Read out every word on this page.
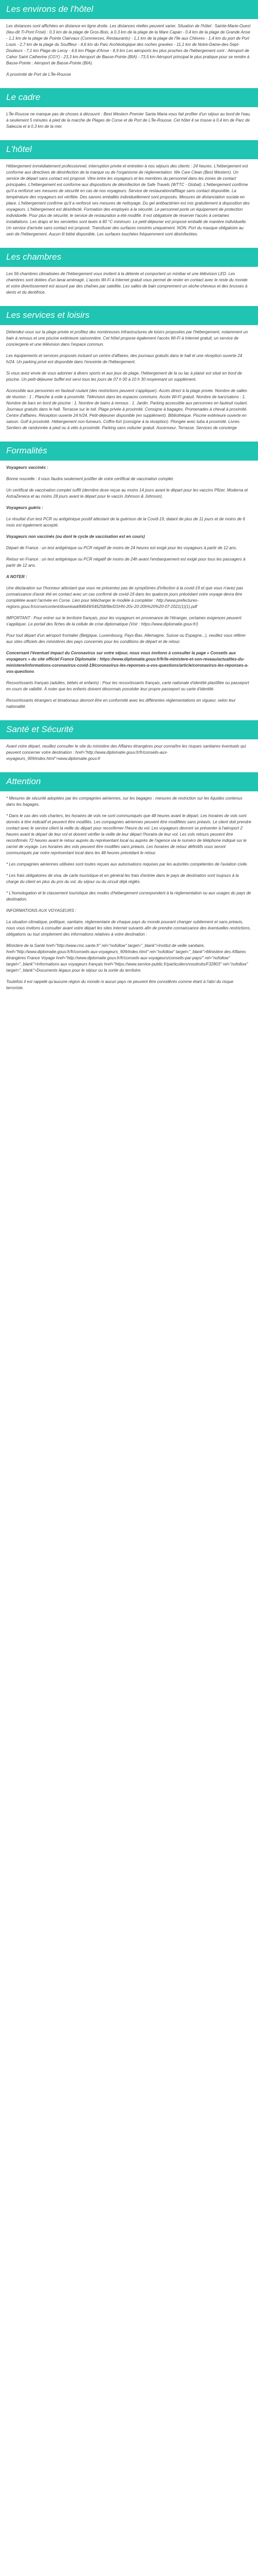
Les environs de l'hôtel

Les distances sont affichées en distance en ligne droite. Les distances réelles peuvent varier. Situation de l'hôtel : Sainte-Marie-Ouest (lieu-dit Ti-Pont Frisé) : 0,3 km de la plage de Gros-Bois, à 0,3 km de la plage de la Mare Capan - 0,4 km de la plage de Grande Anse - 1,1 km de la plage de Pointe Clairvaux (Commerces, Restaurants) - 1,1 km de la plage de l'île aux Chèvres - 1,4 km du port de Port Louis - 2,7 km de la plage du Souffleur - 4,6 km du Parc Archéologique des roches gravées - 11,1 km de Notre-Dame-des-Sept-Douleurs - 7,1 km Plage de Leroy - 4,6 km Plage d'Anse - 8,9 km Les aéroports les plus proches de l'hébergement sont : Aéroport de Cahor Saint Catherine (CGY) - 23,3 km Aéroport de Basse-Pointe (BIA) - 73,5 km Aéroport principal le plus pratique pour se rendre à Basse-Pointe : Aéroport de Basse-Pointe (BIA).

À proximité de Port de L'Île-Rousse

Le cadre

L'Île-Rousse ne manque pas de choses à découvrir : Best Western Premier Santa Maria vous fait profiter d'un séjour au bord de l'eau, à seulement 5 minutes à pied de la marche de Plages de Corse et de Port de L'Île-Rousse. Cet hôtel 4 se trouve à 0,4 km de Parc de Saleccia et à 0,3 km de la mer.

L'hôtel

Hébergement immédiatement professionnel, interruption privée et entretien à nos séjours des clients : 24 heures. L'hébergement est conforme aux directives de désinfection de la marque ou de l'organisme de réglementation. We Care Clean (Best Western). Un service de départ sans contact est proposé. Vitre entre les voyageurs et les membres du personnel dans les zones de contact principales. L'hébergement est conforme aux dispositions de désinfection de Safe Travels (WTTC - Global). L'hébergement confirme qu'il a renforcé ses mesures de sécurité en cas de nos voyageurs. Service de restauration/affilage sans contact disponible. La température des voyageurs est vérifiée. Des savons emballés individuellement sont proposés. Mesures de distanciation sociale en place. L'hébergement confirme qu'il a renforcé ses mesures de nettoyage. Du gel antibactérien est mis gratuitement à disposition des voyageurs. L'hébergement est désinfecté. Formation des employés à la sécurité. Le personnel porte un équipement de protection individuelle. Pour plus de sécurité, le service de restauration a été modifié. Il est obligatoire de réserver l'accès à certaines installations. Les draps et les serviettes sont lavés à 60 °C minimum. Le petit-déjeuner est proposé emballé de manière individuelle. Un service d'arrivée sans contact est proposé. Transfuser des surfaces ronstrés uniquement. NON. Port du masque obligatoire au sein de l'hébergement. Aucun lit bébé disponible. Les surfaces touchées fréquemment sont désinfectées.

Les chambres

Les 56 chambres climatisées de l'hébergement vous invitent à la détente et comportent un minibar et une télévision LED. Les chambres sont dotées d'un lanai aménagé. L'accès Wi-Fi à Internet gratuit vous permet de rester en contact avec le reste du monde et votre divertissement est assuré par des chaînes par satellite. Les salles de bain comprennent un sèche-cheveux et des brosses à dents et du dentifrice.

Les services et loisirs

Détendez-vous sur la plage privée et profitez des nombreuses infrastructures de loisirs proposées par l'hébergement, notamment un bain à remous et une piscine extérieure saisonnière. Cet hôtel propose également l'accès Wi-Fi à Internet gratuit, un service de conciergerie et une télévision dans l'espace commun.

Les équipements et services proposés incluent un centre d'affaires, des journaux gratuits dans le hall et une réception ouverte 24 h/24. Un parking privé est disponible dans l'enceinte de l'hébergement.

Si vous avez envie de vous adonner à divers sports et aux jeux de plage, l'hébergement de la ou lac à plaisir est situé en bord de piscine. Un petit-déjeuner buffet est servi tous les jours de 07 h 00 à 10 h 30 moyennant un supplément.

Accessible aux personnes en fauteuil roulant (des restrictions peuvent s'appliquer). Accès direct à la plage privée. Nombre de salles de réunion : 1 ; Planche à voile à proximité. Télévision dans les espaces communs. Accès Wi-Fi gratuit. Nombre de bars/salons : 1. Nombre de bars en bord de piscine : 1. Nombre de bains à remous : 1. Jardin. Parking accessible aux personnes en fauteuil roulant. Journaux gratuits dans le hall. Terrasse sur le toit. Plage privée à proximité. Consigne à bagages. Promenades à cheval à proximité. Centre d'affaires. Réception ouverte 24 h/24. Petit-déjeuner disponible (en supplément). Bibliothèque. Piscine extérieure ouverte en saison. Golf à proximité. Hébergement non-fumeurs. Coffre-fort (consigne à la réception). Plongée avec tuba à proximité. Livres. Sentiers de randonnée à pied ou à vélo à proximité. Parking sans voiturier gratuit. Ascenseur. Terrasse. Services de concierge

Formalités

Voyageurs vaccinés :

Bonne nouvelle : il vous faudra seulement justifier de votre certificat de vaccination complet.

Un certificat de vaccination complet suffit (dernière dose reçue au moins 14 jours avant le départ pour les vaccins Pfizer, Moderna et AstraZeneca et au moins 28 jours avant le départ pour le vaccin Johnson & Johnson).

Voyageurs guéris :

Le résultat d'un test PCR ou antigénique positif attestant de la guérison de la Covid-19, datant de plus de 11 jours et de moins de 6 mois est également accepté.

Voyageurs non vaccinés (ou dont le cycle de vaccination est en cours)

Départ de France : un test antigénique ou PCR négatif de moins de 24 heures est exigé pour les voyageurs à partir de 12 ans.

Retour en France : un test antigénique ou PCR négatif de moins de 24h avant l'embarquement est exigé pour tous les passagers à partir de 12 ans.

A NOTER :

Une déclaration sur l'honneur attestant que vous ne présentez pas de symptômes d'infection à la covid-19 et que vous n'avez pas connaissance d'avoir été en contact avec un cas confirmé de covid-19 dans les quatorze jours précédant votre voyage devra être complétée avant l'arrivée en Corse. Lien pour télécharger le modèle à compléter : http://www.prefectures-regions.gouv.fr/corse/content/download/84649/545258/file/DSHN-20v-20-20h%20%20-07-2021(1)(1).pdf

IMPORTANT : Pour entrer sur le territoire français, pour les voyageurs en provenance de l'étranger, certaines exigences peuvent s'appliquer. Le portail des fiches de la cellule de crise diplomatique (Voir : https://www.diplomatie.gouv.fr/)

Pour tout départ d'un aéroport frontalier (Belgique, Luxembourg, Pays-Bas, Allemagne, Suisse ou Espagne...), veuillez vous référer aux sites officiels des ministères des pays concernés pour les conditions de départ et de retour.

Concernant l'éventuel impact du Coronavirus sur votre séjour, nous vous invitons à consulter la page « Conseils aux voyageurs » du site officiel France Diplomatie : https://www.diplomatie.gouv.fr/fr/le-ministere-et-son-reseau/actualites-du-ministere/informations-coronavirus-covid-19/coronavirus-les-reponses-a-vos-questions/article/coronavirus-les-reponses-a-vos-questions

Ressortissants français (adultes, bébés et enfants) : Pour les ressortissants français, carte nationale d'identité plastifiée ou passeport en cours de validité. À noter que les enfants doivent désormais posséder leur propre passeport ou carte d'identité.

Ressortissants étrangers et binationaux devront être en conformité avec les différentes réglementations en vigueur, selon leur nationalité.

Santé et Sécurité

Avant votre départ, veuillez consulter le site du ministère des Affaires étrangères pour connaître les risques sanitaires éventuels qui peuvent concerner votre destination : href="http://www.diplomatie.gouv.fr/fr/conseils-aux-voyageurs_909/index.html">www.diplomatie.gouv.fr

Attention

* Mesures de sécurité adoptées par les compagnies aériennes, sur les bagages : mesures de restriction sur les liquides contenus dans les bagages.

* Dans le cas des vols charters, les horaires de vols ne sont communiqués que 48 heures avant le départ. Les horaires de vols sont donnés à titre indicatif et peuvent être modifiés. Les compagnies aériennes peuvent être modifiées sans préavis. Le client doit prendre contact avec le service client la veille du départ pour reconfirmer l'heure du vol. Les voyageurs devront se présenter à l'aéroport 2 heures avant le départ de leur vol et doivent vérifier la veille de leur départ l'horaire de leur vol. Les vols retours peuvent être reconfirmés 72 heures avant le retour auprès du représentant local ou auprès de l'agence via le numéro de téléphone indiqué sur le carnet de voyage. Les horaires des vols peuvent être modifiés sans préavis. Les horaires de retour définitifs vous seront communiqués par notre représentant local dans les 48 heures précédant le retour.

* Les compagnies aériennes utilisées sont toutes reçues aux autorisations requises par les autorités compétentes de l'aviation civile.

* Les frais obligatoires de visa, de carte touristique et en général les frais d'entrée dans le pays de destination sont toujours à la charge du client en plus du prix du vol, du séjour ou du circuit déjà réglés.

* L'homologation et le classement touristique des modes d'hébergement correspondent à la réglementation ou aux usages du pays de destination.

INFORMATIONS AUX VOYAGEURS :

La situation climatique, politique, sanitaire, réglementaire de chaque pays du monde pouvant changer subitement et sans préavis, nous vous invitons à consulter avant votre départ les sites Internet suivants afin de prendre connaissance des éventuelles restrictions, obligations ou tout simplement des informations relatives à votre destination :

Ministère de la Santé href="http://www.rmc.sante.fr" rel="nofollow" target="_blank">Institut de veille sanitaire, href="http://www.diplomatie.gouv.fr/fr/conseils-aux-voyageurs_909/index.html" rel="nofollow" target="_blank">Ministère des Affaires étrangères France Voyage href="http://www.diplomatie.gouv.fr/fr/conseils-aux-voyageurs/conseils-par-pays/" rel="nofollow" target="_blank">Informations aux voyageurs français href="https://www.service-public.fr/particuliers/vosdroits/F32803" rel="nofollow" target="_blank">Documents légaux pour le séjour ou la sortie du territoire.

Toutefois il est rappelé qu'aucune région du monde ni aucun pays ne peuvent être considérés comme étant à l'abri du risque terroriste.
